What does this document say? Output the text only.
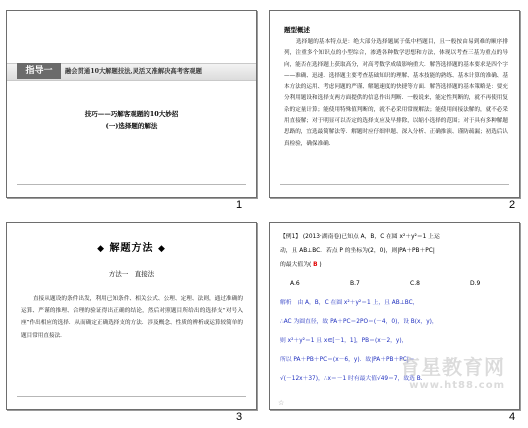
指导一	融会贯通10大解题技法,灵活又准解决高考客观题
技巧——巧解客观题的10大妙招
(一)选择题的解法
1
题型概述
选择题的基本特点是：绝大部分选择题属于低中档题目，且一般按由易到难的顺序排列，注重多个知识点的小型综合，渗透各种数学思想和方法，体现以考查三基为重点的导向，能否在选择题上获取高分，对高考数学成绩影响重大．解答选择题的基本要求是四个字——准确、迅速．选择题主要考查基础知识的理解、基本技能的熟练、基本计算的准确、基本方法的运用、考虑问题的严谨、解题速度的快捷等方面．解答选择题的基本策略是：要充分利用题设和选择支两方面提供的信息作出判断．一般说来，能定性判断的，就不再使用复杂的定量计算；能使用特殊值判断的，就不必采用常规解法；能使用间接法解的，就不必采用直接解；对于明显可以否定的选择支应及早排除，以缩小选择的范围；对于具有多种解题思路的，宜选最简解法等．解题时应仔细审题、深入分析、正确推演、谨防疏漏；初选后认真检验，确保准确．
2
◆ 解题方法 ◆
方法一　直接法
直接从题设的条件出发，利用已知条件、相关公式、公理、定理、法则，通过准确的运算、严谨的推理、合理的验证得出正确的结论，然后对照题目所给出的选择支“对号入座”作出相应的选择．从而确定正确选择支的方法．涉及概念、性质的辨析或运算较简单的题目常用直接法．
3
【例1】 (2013·湖南卷)已知点 A，B，C 在圆 x²＋y²＝1 上运
动，且 AB⊥BC．若点 P 的坐标为(2，0)，则|PA＋PB＋PC|
的最大值为( B )
A.6	B.7	C.8	D.9
解析　由 A，B，C 在圆 x²＋y²＝1 上，且 AB⊥BC，
∴AC 为圆直径，故 PA＋PC＝2PO＝(－4，0)，设 B(x，y)，
则 x²＋y²＝1 且 x∈[－1，1]，PB＝(x－2，y)，
所以 PA＋PB＋PC＝(x－6，y)．故|PA＋PB＋PC|＝
√(－12x＋37)，∴x＝－1 时有最大值√49＝7，故选 B．
育星教育网
www.ht88.com
☆
4
